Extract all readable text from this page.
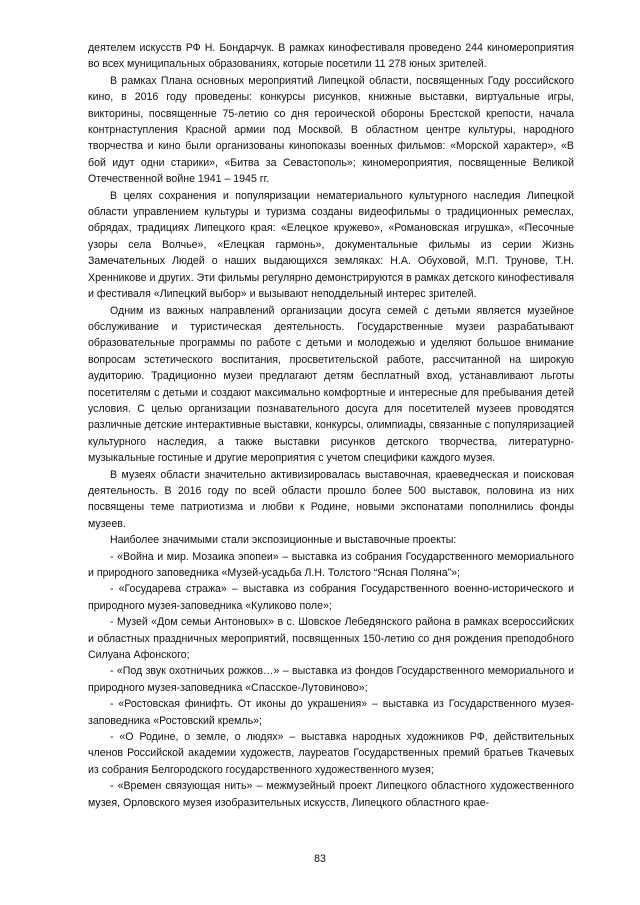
деятелем искусств РФ Н. Бондарчук. В рамках кинофестиваля проведено 244 киномероприятия во всех муниципальных образованиях, которые посетили 11 278 юных зрителей.

В рамках Плана основных мероприятий Липецкой области, посвященных Году российского кино, в 2016 году проведены: конкурсы рисунков, книжные выставки, виртуальные игры, викторины, посвященные 75-летию со дня героической обороны Брестской крепости, начала контрнаступления Красной армии под Москвой. В областном центре культуры, народного творчества и кино были организованы кинопоказы военных фильмов: «Морской характер», «В бой идут одни старики», «Битва за Севастополь»; киномероприятия, посвященные Великой Отечественной войне 1941 – 1945 гг.

В целях сохранения и популяризации нематериального культурного наследия Липецкой области управлением культуры и туризма созданы видеофильмы о традиционных ремеслах, обрядах, традициях Липецкого края: «Елецкое кружево», «Романовская игрушка», «Песочные узоры села Волчье», «Елецкая гармонь», документальные фильмы из серии Жизнь Замечательных Людей о наших выдающихся земляках: Н.А. Обуховой, М.П. Трунове, Т.Н. Хренникове и других. Эти фильмы регулярно демонстрируются в рамках детского кинофестиваля и фестиваля «Липецкий выбор» и вызывают неподдельный интерес зрителей.

Одним из важных направлений организации досуга семей с детьми является музейное обслуживание и туристическая деятельность. Государственные музеи разрабатывают образовательные программы по работе с детьми и молодежью и уделяют большое внимание вопросам эстетического воспитания, просветительской работе, рассчитанной на широкую аудиторию. Традиционно музеи предлагают детям бесплатный вход, устанавливают льготы посетителям с детьми и создают максимально комфортные и интересные для пребывания детей условия. С целью организации познавательного досуга для посетителей музеев проводятся различные детские интерактивные выставки, конкурсы, олимпиады, связанные с популяризацией культурного наследия, а также выставки рисунков детского творчества, литературно-музыкальные гостиные и другие мероприятия с учетом специфики каждого музея.

В музеях области значительно активизировалась выставочная, краеведческая и поисковая деятельность. В 2016 году по всей области прошло более 500 выставок, половина из них посвящены теме патриотизма и любви к Родине, новыми экспонатами пополнились фонды музеев.

Наиболее значимыми стали экспозиционные и выставочные проекты:

- «Война и мир. Мозаика эпопеи» – выставка из собрания Государственного мемориального и природного заповедника «Музей-усадьба Л.Н. Толстого “Ясная Поляна”»;

- «Государева стража» – выставка из собрания Государственного военно-исторического и природного музея-заповедника «Куликово поле»;

- Музей «Дом семьи Антоновых» в с. Шовское Лебедянского района в рамках всероссийских и областных праздничных мероприятий, посвященных 150-летию со дня рождения преподобного Силуана Афонского;

- «Под звук охотничьих рожков…» – выставка из фондов Государственного мемориального и природного музея-заповедника «Спасское-Лутовиново»;

- «Ростовская финифть. От иконы до украшения» – выставка из Государственного музея-заповедника «Ростовский кремль»;

- «О Родине, о земле, о людях» – выставка народных художников РФ, действительных членов Российской академии художеств, лауреатов Государственных премий братьев Ткачевых из собрания Белгородского государственного художественного музея;

- «Времен связующая нить» – межмузейный проект Липецкого областного художественного музея, Орловского музея изобразительных искусств, Липецкого областного крае-

83
